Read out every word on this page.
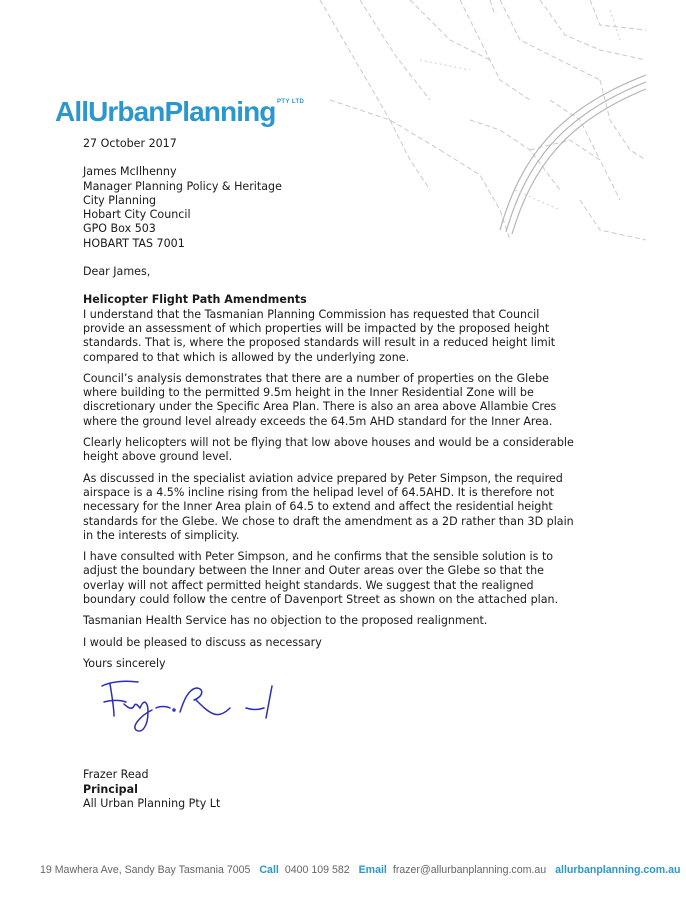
AllUrbanPlanning PTY LTD

27 October 2017

James McIlhenny

Manager Planning Policy & Heritage

City Planning

Hobart City Council

GPO Box 503

HOBART TAS 7001

Dear James,

Helicopter Flight Path Amendments

I understand that the Tasmanian Planning Commission has requested that Council provide an assessment of which properties will be impacted by the proposed height standards. That is, where the proposed standards will result in a reduced height limit compared to that which is allowed by the underlying zone.

Council’s analysis demonstrates that there are a number of properties on the Glebe where building to the permitted 9.5m height in the Inner Residential Zone will be discretionary under the Specific Area Plan. There is also an area above Allambie Cres where the ground level already exceeds the 64.5m AHD standard for the Inner Area.

Clearly helicopters will not be flying that low above houses and would be a considerable height above ground level.

As discussed in the specialist aviation advice prepared by Peter Simpson, the required airspace is a 4.5% incline rising from the helipad level of 64.5AHD. It is therefore not necessary for the Inner Area plain of 64.5 to extend and affect the residential height standards for the Glebe. We chose to draft the amendment as a 2D rather than 3D plain in the interests of simplicity.

I have consulted with Peter Simpson, and he confirms that the sensible solution is to adjust the boundary between the Inner and Outer areas over the Glebe so that the overlay will not affect permitted height standards. We suggest that the realigned boundary could follow the centre of Davenport Street as shown on the attached plan.

Tasmanian Health Service has no objection to the proposed realignment.

I would be pleased to discuss as necessary

Yours sincerely

Frazer Read

Principal

All Urban Planning Pty Lt

19 Mawhera Ave, Sandy Bay Tasmania 7005 Call 0400 109 582 Email frazer@allurbanplanning.com.au allurbanplanning.com.au
